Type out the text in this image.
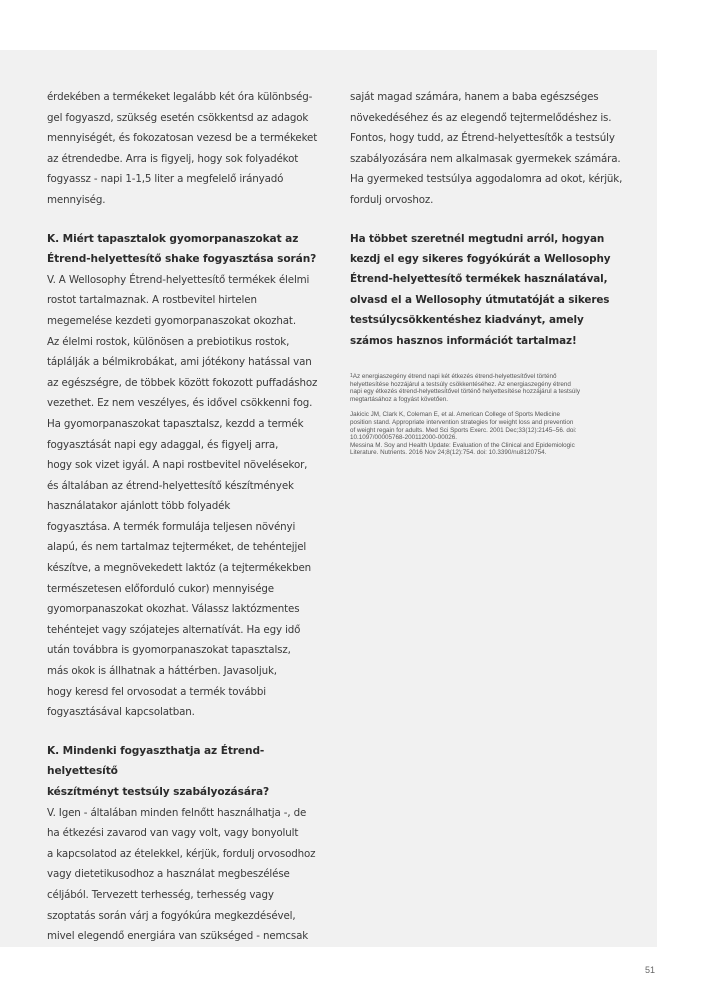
érdekében a termékeket legalább két óra különbség-
gel fogyaszd, szükség esetén csökkentsd az adagok
mennyiségét, és fokozatosan vezesd be a termékeket
az étrendedbe. Arra is figyelj, hogy sok folyadékot
fogyassz - napi 1-1,5 liter a megfelelő irányadó
mennyiség.

K. Miért tapasztalok gyomorpanaszokat az
Étrend-helyettesítő shake fogyasztása során?

V. A Wellosophy Étrend-helyettesítő termékek élelmi
rostot tartalmaznak. A rostbevitel hirtelen
megemelése kezdeti gyomorpanaszokat okozhat.
Az élelmi rostok, különösen a prebiotikus rostok,
táplálják a bélmikrobákat, ami jótékony hatással van
az egészségre, de többek között fokozott puffadáshoz
vezethet. Ez nem veszélyes, és idővel csökkenni fog.
Ha gyomorpanaszokat tapasztalsz, kezdd a termék
fogyasztását napi egy adaggal, és figyelj arra,
hogy sok vizet igyál. A napi rostbevitel növelésekor,
és általában az étrend-helyettesítő készítmények
használatakor ajánlott több folyadék
fogyasztása. A termék formulája teljesen növényi
alapú, és nem tartalmaz tejterméket, de tehéntejjel
készítve, a megnövekedett laktóz (a tejtermékekben
természetesen előforduló cukor) mennyisége
gyomorpanaszokat okozhat. Válassz laktózmentes
tehéntejet vagy szójatejes alternatívát. Ha egy idő
után továbbra is gyomorpanaszokat tapasztalsz,
más okok is állhatnak a háttérben. Javasoljuk,
hogy keresd fel orvosodat a termék további
fogyasztásával kapcsolatban.

K. Mindenki fogyaszthatja az Étrend-helyettesítő
készítményt testsúly szabályozására?

V. Igen - általában minden felnőtt használhatja -, de
ha étkezési zavarod van vagy volt, vagy bonyolult
a kapcsolatod az ételekkel, kérjük, fordulj orvosodhoz
vagy dietetikusodhoz a használat megbeszélése
céljából. Tervezett terhesség, terhesség vagy
szoptatás során várj a fogyókúra megkezdésével,
mivel elegendő energiára van szükséged - nemcsak

saját magad számára, hanem a baba egészséges
növekedéséhez és az elegendő tejtermelődéshez is.
Fontos, hogy tudd, az Étrend-helyettesítők a testsúly
szabályozására nem alkalmasak gyermekek számára.
Ha gyermeked testsúlya aggodalomra ad okot, kérjük,
fordulj orvoshoz.

Ha többet szeretnél megtudni arról, hogyan
kezdj el egy sikeres fogyókúrát a Wellosophy
Étrend-helyettesítő termékek használatával,
olvasd el a Wellosophy útmutatóját a sikeres
testsúlycsökkentéshez kiadványt, amely
számos hasznos információt tartalmaz!

$^1$Az energiaszegény étrend napi két étkezés étrend-helyettesítővel történő
helyettesítése hozzájárul a testsúly csökkentéséhez. Az energiaszegény étrend
napi egy étkezés étrend-helyettesítővel történő helyettesítése hozzájárul a testsúly
megtartásához a fogyást követően.

Jakicic JM, Clark K, Coleman E, et al. American College of Sports Medicine
position stand. Appropriate intervention strategies for weight loss and prevention
of weight regain for adults. Med Sci Sports Exerc. 2001 Dec;33(12):2145–56. doi:
10.1097/00005768-200112000-00026.
Messina M. Soy and Health Update: Evaluation of the Clinical and Epidemiologic
Literature. Nutrients. 2016 Nov 24;8(12):754. doi: 10.3390/nu8120754.

51
